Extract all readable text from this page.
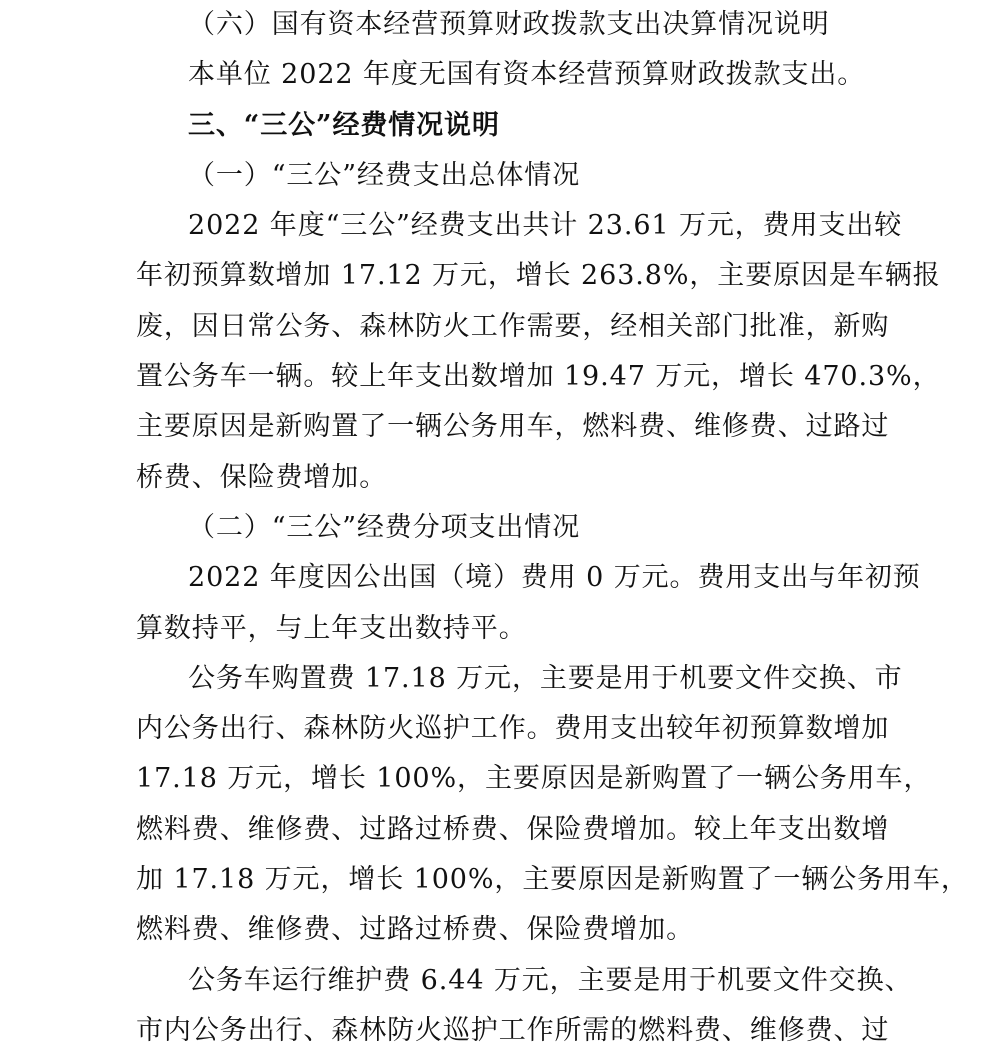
（六）国有资本经营预算财政拨款支出决算情况说明
本单位 2022 年度无国有资本经营预算财政拨款支出。
三、“三公”经费情况说明
（一）“三公”经费支出总体情况
2022 年度“三公”经费支出共计 23.61 万元，费用支出较
年初预算数增加 17.12 万元，增长 263.8%，主要原因是车辆报
废，因日常公务、森林防火工作需要，经相关部门批准，新购
置公务车一辆。较上年支出数增加 19.47 万元，增长 470.3%，
主要原因是新购置了一辆公务用车，燃料费、维修费、过路过
桥费、保险费增加。
（二）“三公”经费分项支出情况
2022 年度因公出国（境）费用 0 万元。费用支出与年初预
算数持平，与上年支出数持平。
公务车购置费 17.18 万元，主要是用于机要文件交换、市
内公务出行、森林防火巡护工作。费用支出较年初预算数增加
17.18 万元，增长 100%，主要原因是新购置了一辆公务用车，
燃料费、维修费、过路过桥费、保险费增加。较上年支出数增
加 17.18 万元，增长 100%，主要原因是新购置了一辆公务用车，
燃料费、维修费、过路过桥费、保险费增加。
公务车运行维护费 6.44 万元，主要是用于机要文件交换、
市内公务出行、森林防火巡护工作所需的燃料费、维修费、过
